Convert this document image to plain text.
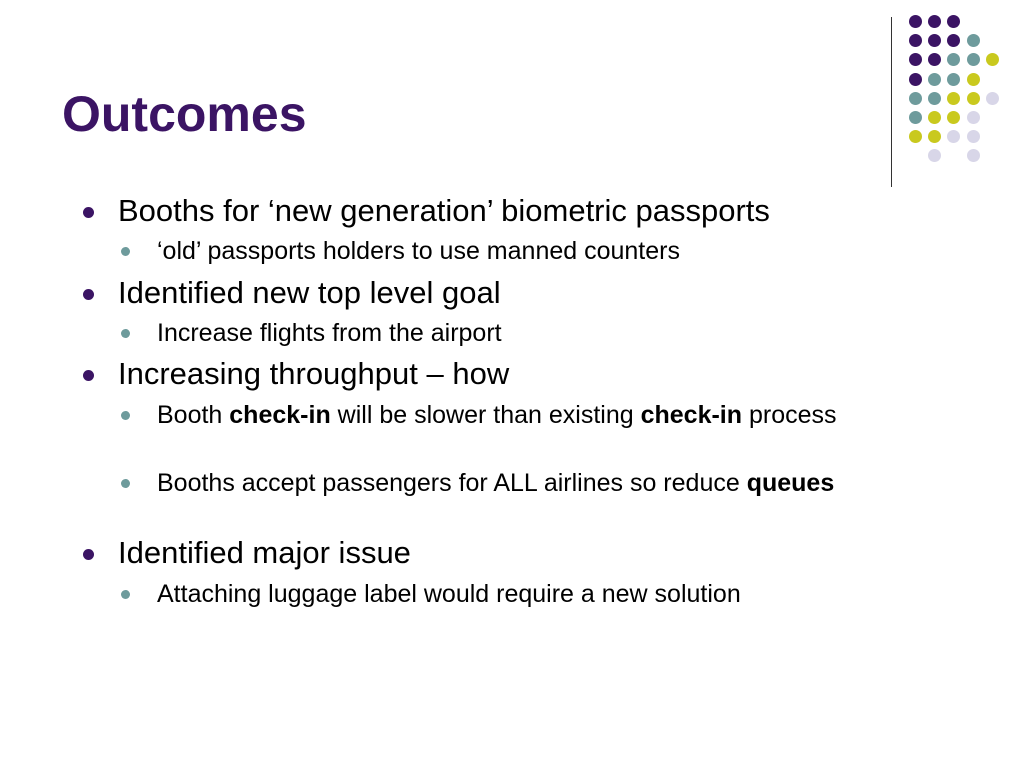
Outcomes

Booths for ‘new generation’ biometric passports

‘old’ passports holders to use manned counters

Identified new top level goal

Increase flights from the airport

Increasing throughput – how

Booth check-in will be slower than existing check-in process

Booths accept passengers for ALL airlines so reduce queues

Identified major issue

Attaching luggage label would require a new solution
